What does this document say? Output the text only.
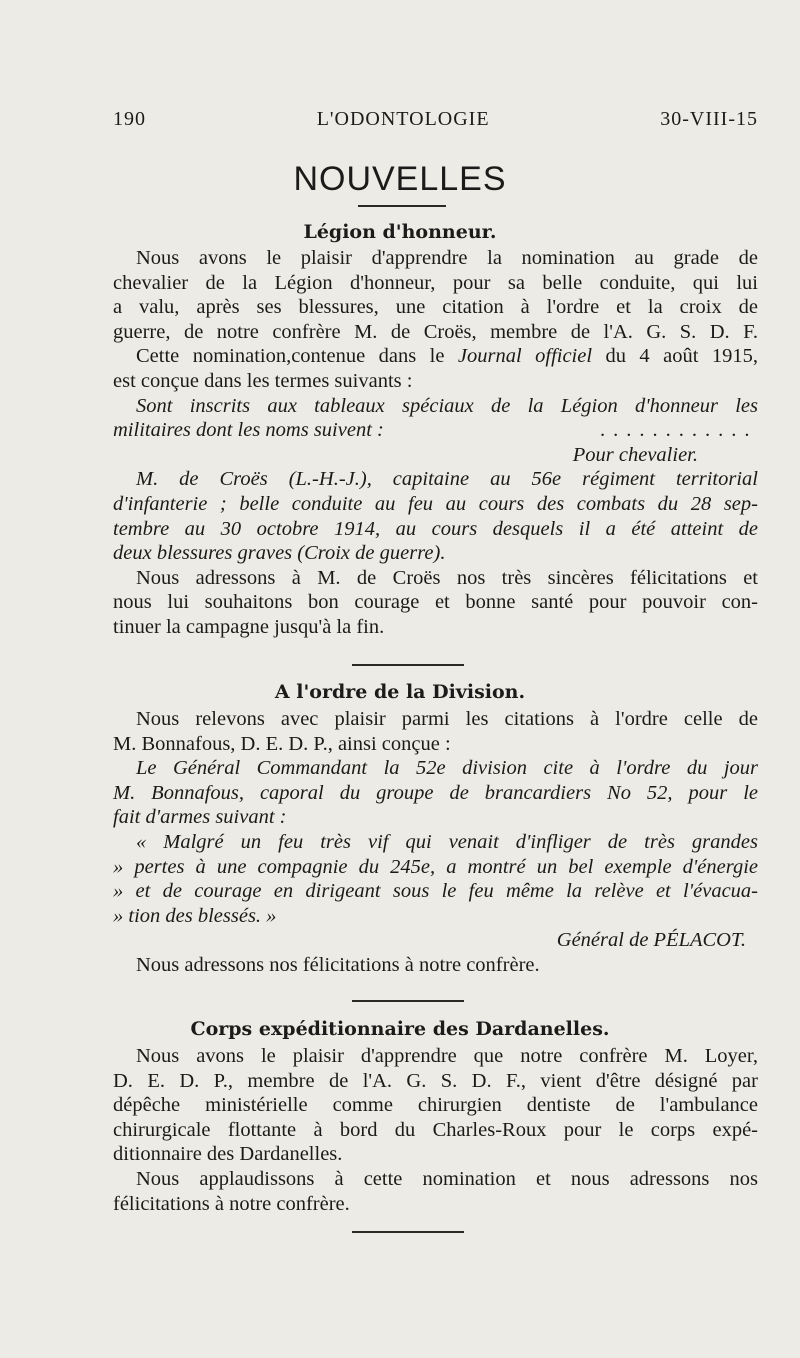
190	L'ODONTOLOGIE	30-VIII-15
NOUVELLES
Légion d'honneur.

Nous avons le plaisir d'apprendre la nomination au grade de

chevalier de la Légion d'honneur, pour sa belle conduite, qui lui

a valu, après ses blessures, une citation à l'ordre et la croix de

guerre, de notre confrère M. de Croës, membre de l'A. G. S. D. F.

Cette nomination,contenue dans le Journal officiel du 4 août 1915,

est conçue dans les termes suivants :

Sont inscrits aux tableaux spéciaux de la Légion d'honneur les

militaires dont les noms suivent :	............

Pour chevalier.

M. de Croës (L.-H.-J.), capitaine au 56e régiment territorial

d'infanterie ; belle conduite au feu au cours des combats du 28 sep-

tembre au 30 octobre 1914, au cours desquels il a été atteint de

deux blessures graves (Croix de guerre).

Nous adressons à M. de Croës nos très sincères félicitations et

nous lui souhaitons bon courage et bonne santé pour pouvoir con-

tinuer la campagne jusqu'à la fin.

A l'ordre de la Division.

Nous relevons avec plaisir parmi les citations à l'ordre celle de

M. Bonnafous, D. E. D. P., ainsi conçue :

Le Général Commandant la 52e division cite à l'ordre du jour

M. Bonnafous, caporal du groupe de brancardiers No 52, pour le

fait d'armes suivant :

« Malgré un feu très vif qui venait d'infliger de très grandes

» pertes à une compagnie du 245e, a montré un bel exemple d'énergie

» et de courage en dirigeant sous le feu même la relève et l'évacua-

» tion des blessés. »

Général de PÉLACOT.

Nous adressons nos félicitations à notre confrère.

Corps expéditionnaire des Dardanelles.

Nous avons le plaisir d'apprendre que notre confrère M. Loyer,

D. E. D. P., membre de l'A. G. S. D. F., vient d'être désigné par

dépêche ministérielle comme chirurgien dentiste de l'ambulance

chirurgicale flottante à bord du Charles-Roux pour le corps expé-

ditionnaire des Dardanelles.

Nous applaudissons à cette nomination et nous adressons nos

félicitations à notre confrère.
